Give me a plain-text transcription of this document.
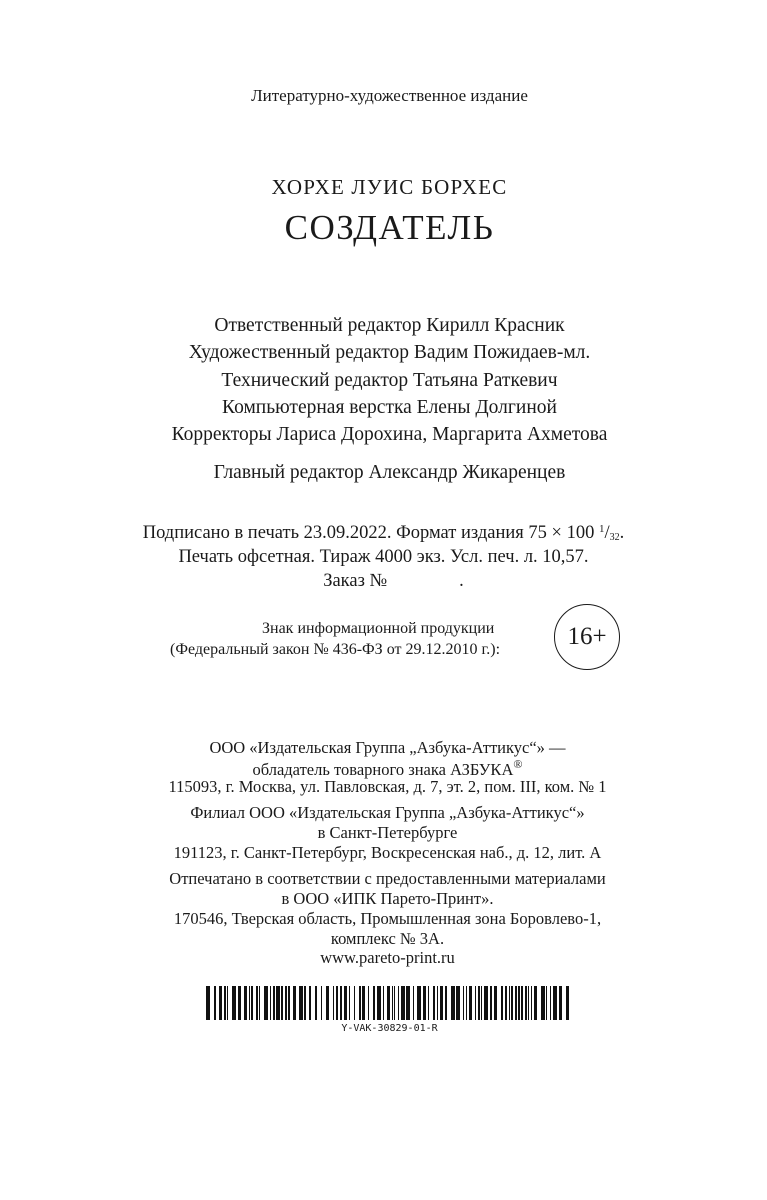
Литературно-художественное издание
ХОРХЕ ЛУИС БОРХЕС
СОЗДАТЕЛЬ
Ответственный редактор Кирилл Красник
Художественный редактор Вадим Пожидаев-мл.
Технический редактор Татьяна Раткевич
Компьютерная верстка Елены Долгиной
Корректоры Лариса Дорохина, Маргарита Ахметова
Главный редактор Александр Жикаренцев
Подписано в печать 23.09.2022. Формат издания 75 × 100 $^1/_{32}$.
Печать офсетная. Тираж 4000 экз. Усл. печ. л. 10,57.
Заказ №	.
Знак информационной продукции
(Федеральный закон № 436-ФЗ от 29.12.2010 г.):	16+
ООО «Издательская Группа „Азбука-Аттикус“» —
обладатель товарного знака АЗБУКА®
115093, г. Москва, ул. Павловская, д. 7, эт. 2, пом. III, ком. № 1
Филиал ООО «Издательская Группа „Азбука-Аттикус“»
в Санкт-Петербурге
191123, г. Санкт-Петербург, Воскресенская наб., д. 12, лит. А
Отпечатано в соответствии с предоставленными материалами
в ООО «ИПК Парето-Принт».
170546, Тверская область, Промышленная зона Боровлево-1,
комплекс № 3А.
www.pareto-print.ru
Y-VAK-30829-01-R
